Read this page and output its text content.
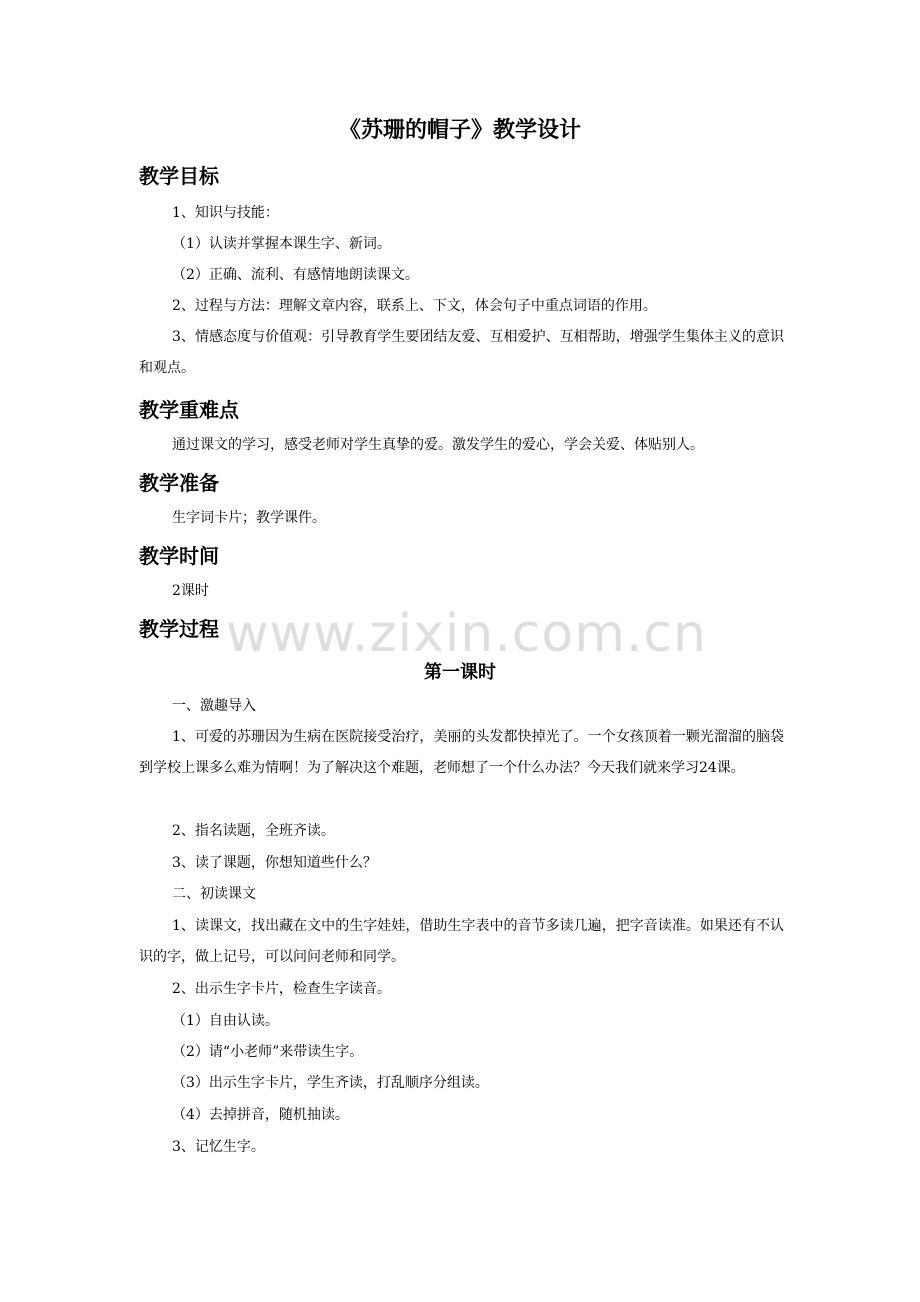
《苏珊的帽子》教学设计
教学目标
1、知识与技能：
（1）认读并掌握本课生字、新词。
（2）正确、流利、有感情地朗读课文。
2、过程与方法：理解文章内容，联系上、下文，体会句子中重点词语的作用。
3、情感态度与价值观：引导教育学生要团结友爱、互相爱护、互相帮助，增强学生集体主义的意识和观点。
教学重难点
通过课文的学习，感受老师对学生真挚的爱。激发学生的爱心，学会关爱、体贴别人。
教学准备
生字词卡片；教学课件。
教学时间
2课时
教学过程 www.zixin.com.cn
第一课时
一、激趣导入
1、可爱的苏珊因为生病在医院接受治疗，美丽的头发都快掉光了。一个女孩顶着一颗光溜溜的脑袋到学校上课多么难为情啊！为了解决这个难题，老师想了一个什么办法？今天我们就来学习24课。
2、指名读题，全班齐读。
3、读了课题，你想知道些什么？
二、初读课文
1、读课文，找出藏在文中的生字娃娃，借助生字表中的音节多读几遍，把字音读准。如果还有不认识的字，做上记号，可以问问老师和同学。
2、出示生字卡片，检查生字读音。
（1）自由认读。
（2）请“小老师”来带读生字。
（3）出示生字卡片，学生齐读，打乱顺序分组读。
（4）去掉拼音，随机抽读。
3、记忆生字。
